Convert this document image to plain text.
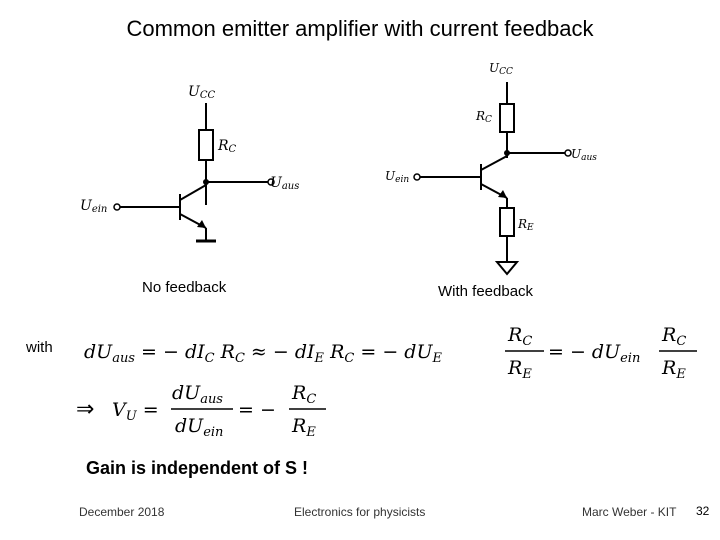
Common emitter amplifier with current feedback
UCC
RC
Uaus
Uein
UCC
RC
Uaus
Uein
RE
$dU_{aus}$ = − $dI_C$ $R_C$ ≈ − $dI_E$ $R_C$ = − $dU_E$
$R_C$
$R_E$
= − $dU_{ein}$
$R_C$
$R_E$
⇒ $V_U$ =
$dU_{aus}$
$dU_{ein}$
= −
$R_C$
$R_E$
No feedback	With feedback
with
Gain is independent of S !
December 2018	Electronics for physicists	Marc Weber - KIT 32
